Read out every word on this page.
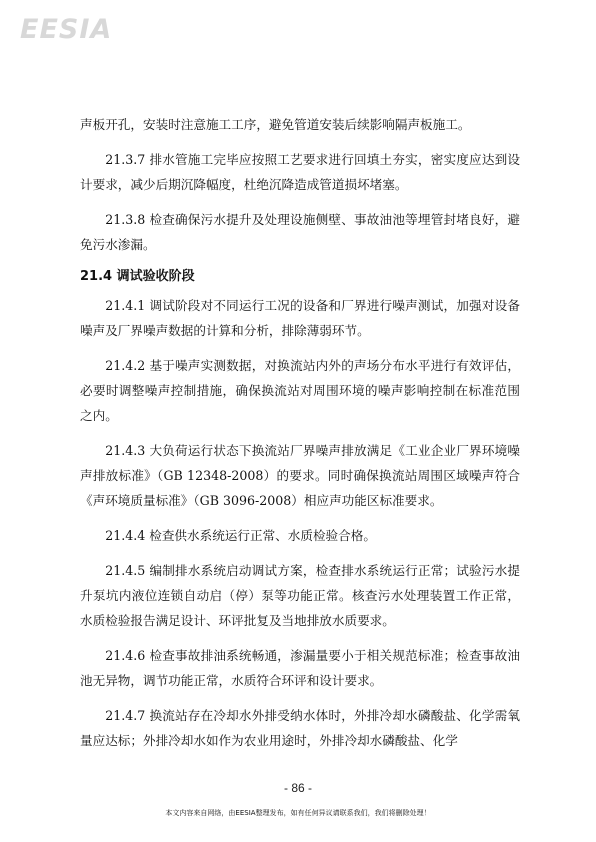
EESIA

声板开孔，安装时注意施工工序，避免管道安装后续影响隔声板施工。

21.3.7 排水管施工完毕应按照工艺要求进行回填土夯实，密实度应达到设计要求，减少后期沉降幅度，杜绝沉降造成管道损坏堵塞。

21.3.8 检查确保污水提升及处理设施侧壁、事故油池等埋管封堵良好，避免污水渗漏。

21.4 调试验收阶段

21.4.1 调试阶段对不同运行工况的设备和厂界进行噪声测试，加强对设备噪声及厂界噪声数据的计算和分析，排除薄弱环节。

21.4.2 基于噪声实测数据，对换流站内外的声场分布水平进行有效评估，必要时调整噪声控制措施，确保换流站对周围环境的噪声影响控制在标准范围之内。

21.4.3 大负荷运行状态下换流站厂界噪声排放满足《工业企业厂界环境噪声排放标准》（GB 12348-2008）的要求。同时确保换流站周围区域噪声符合《声环境质量标准》（GB 3096-2008）相应声功能区标准要求。

21.4.4 检查供水系统运行正常、水质检验合格。

21.4.5 编制排水系统启动调试方案，检查排水系统运行正常；试验污水提升泵坑内液位连锁自动启（停）泵等功能正常。核查污水处理装置工作正常，水质检验报告满足设计、环评批复及当地排放水质要求。

21.4.6 检查事故排油系统畅通，渗漏量要小于相关规范标准；检查事故油池无异物，调节功能正常，水质符合环评和设计要求。

21.4.7 换流站存在冷却水外排受纳水体时，外排冷却水磷酸盐、化学需氧量应达标；外排冷却水如作为农业用途时，外排冷却水磷酸盐、化学

- 86 -
本文内容来自网络，由EESIA整理发布，如有任何异议请联系我们，我们将删除处理！
